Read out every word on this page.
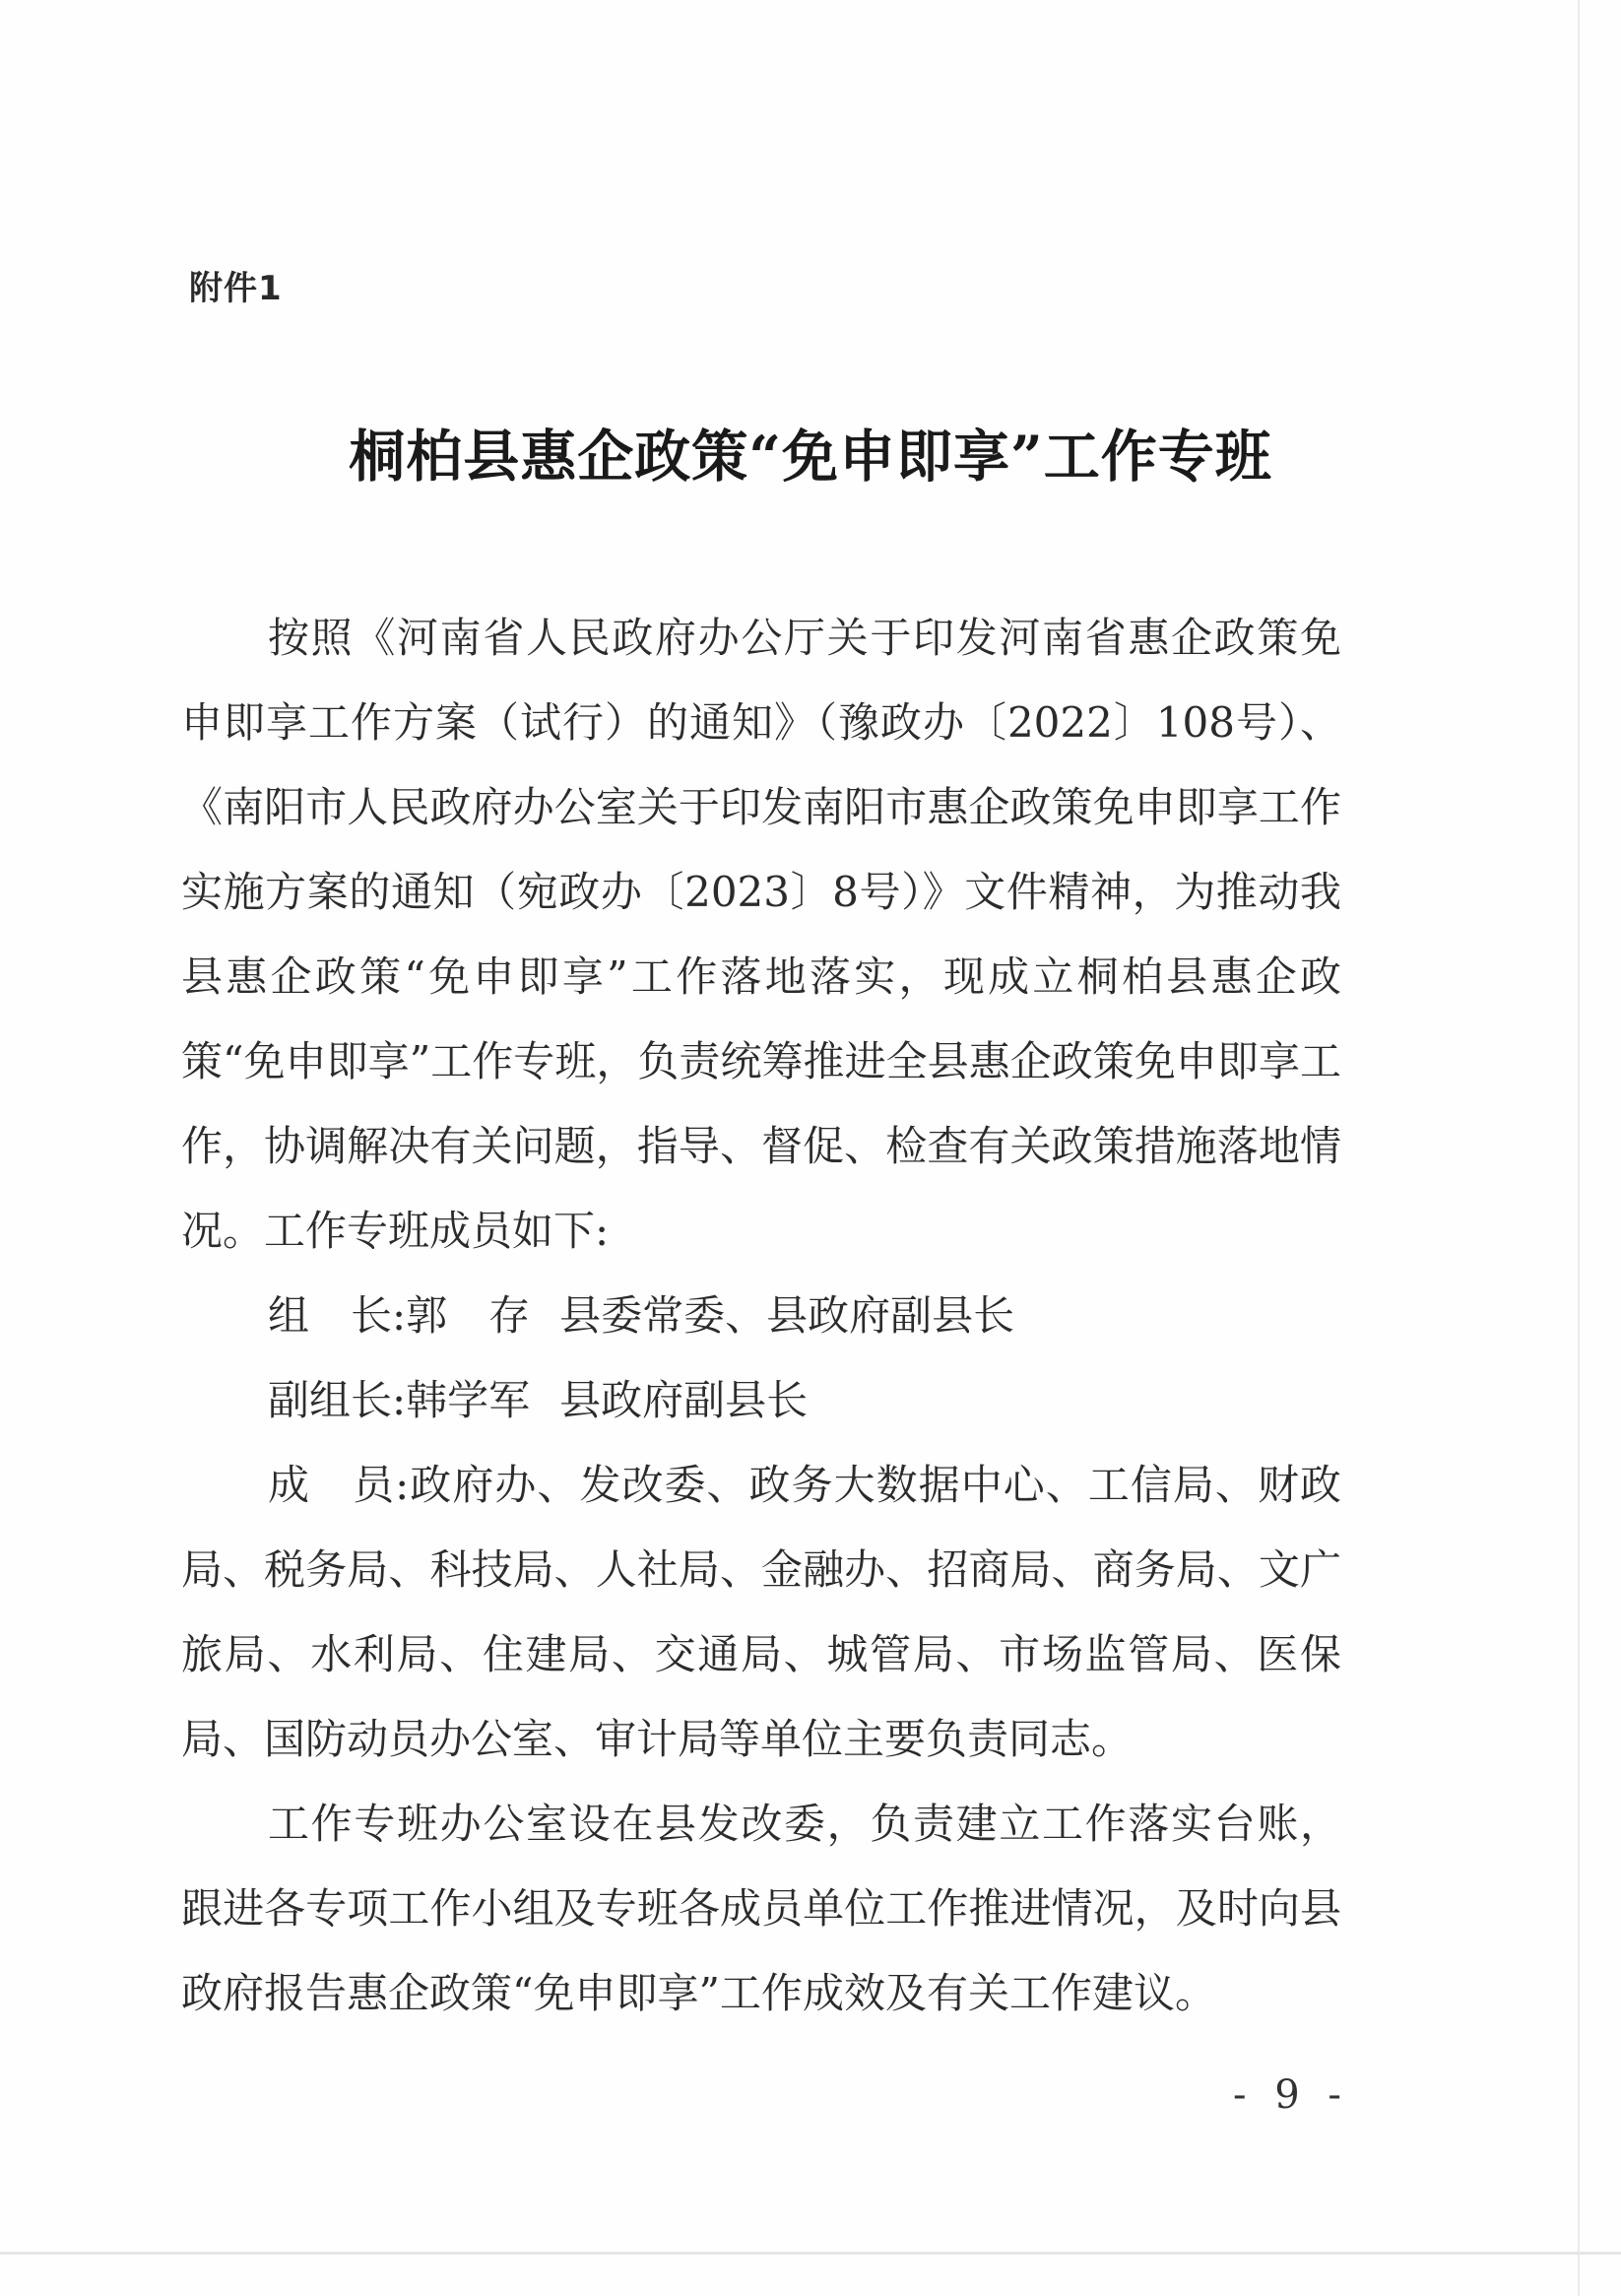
附件1
桐柏县惠企政策“免申即享”工作专班

按照《河南省人民政府办公厅关于印发河南省惠企政策免申即享工作方案（试行）的通知》（豫政办〔2022〕108号）、《南阳市人民政府办公室关于印发南阳市惠企政策免申即享工作实施方案的通知（宛政办〔2023〕8号）》文件精神，为推动我县惠企政策“免申即享”工作落地落实，现成立桐柏县惠企政策“免申即享”工作专班，负责统筹推进全县惠企政策免申即享工作，协调解决有关问题，指导、督促、检查有关政策措施落地情况。工作专班成员如下:

组　长:郭　存 县委常委、县政府副县长
副组长:韩学军 县政府副县长

成　员:政府办、发改委、政务大数据中心、工信局、财政局、税务局、科技局、人社局、金融办、招商局、商务局、文广旅局、水利局、住建局、交通局、城管局、市场监管局、医保局、国防动员办公室、审计局等单位主要负责同志。

工作专班办公室设在县发改委，负责建立工作落实台账，跟进各专项工作小组及专班各成员单位工作推进情况，及时向县政府报告惠企政策“免申即享”工作成效及有关工作建议。

- 9 -
